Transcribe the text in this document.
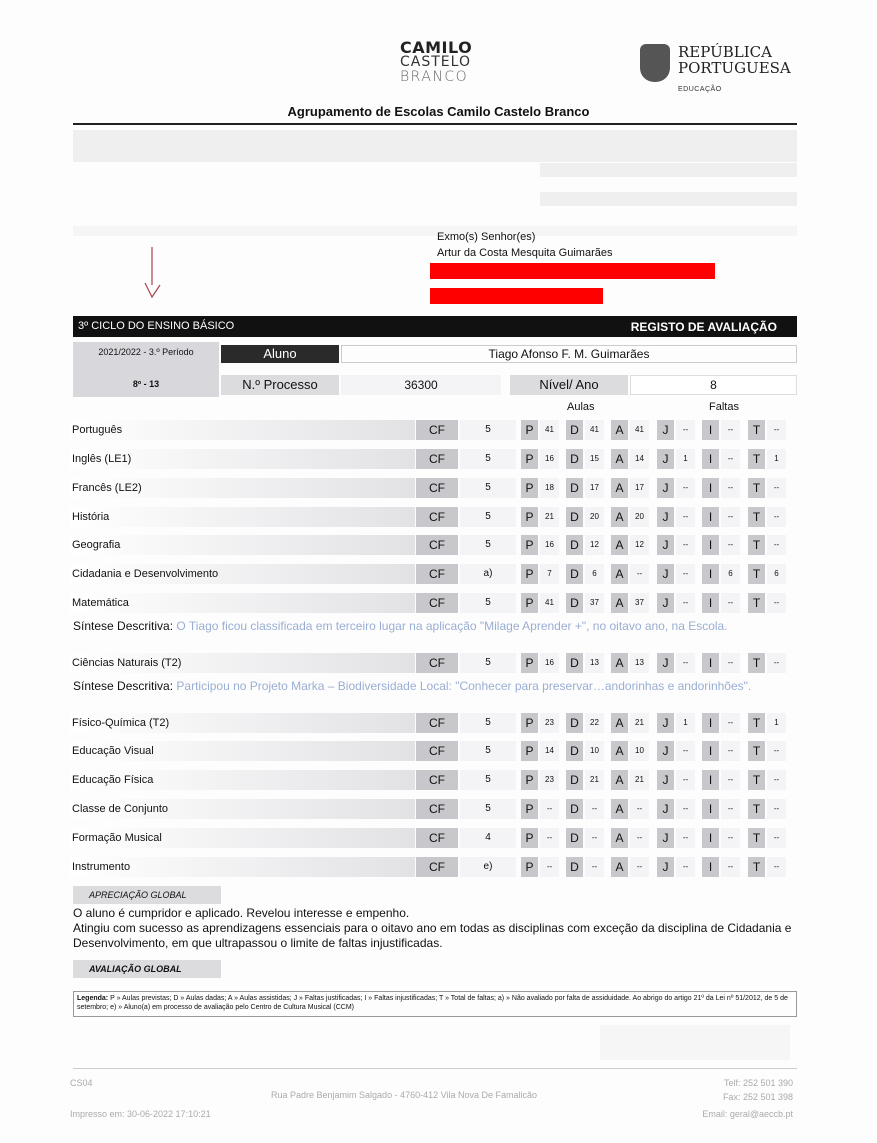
CAMILO
CASTELO
BRANCO
REPÚBLICA
PORTUGUESA
EDUCAÇÃO
Agrupamento de Escolas Camilo Castelo Branco
Exmo(s) Senhor(es)
Artur da Costa Mesquita Guimarães
3º CICLO DO ENSINO BÁSICO	REGISTO DE AVALIAÇÃO
2021/2022 - 3.º Período
8º - 13
Aluno	Tiago Afonso F. M. Guimarães
N.º Processo	36300	Nível/ Ano	8
Aulas	Faltas
Português	CF	5	P	41	D	41	A	41	J	--	I	--	T	--
Inglês (LE1)	CF	5	P	16	D	15	A	14	J	1	I	--	T	1
Francês (LE2)	CF	5	P	18	D	17	A	17	J	--	I	--	T	--
História	CF	5	P	21	D	20	A	20	J	--	I	--	T	--
Geografia	CF	5	P	16	D	12	A	12	J	--	I	--	T	--
Cidadania e Desenvolvimento	CF	a)	P	7	D	6	A	--	J	--	I	6	T	6
Matemática	CF	5	P	41	D	37	A	37	J	--	I	--	T	--
Ciências Naturais (T2)	CF	5	P	16	D	13	A	13	J	--	I	--	T	--
Físico-Química (T2)	CF	5	P	23	D	22	A	21	J	1	I	--	T	1
Educação Visual	CF	5	P	14	D	10	A	10	J	--	I	--	T	--
Educação Física	CF	5	P	23	D	21	A	21	J	--	I	--	T	--
Classe de Conjunto	CF	5	P	--	D	--	A	--	J	--	I	--	T	--
Formação Musical	CF	4	P	--	D	--	A	--	J	--	I	--	T	--
Instrumento	CF	e)	P	--	D	--	A	--	J	--	I	--	T	--
Síntese Descritiva: O Tiago ficou classificada em terceiro lugar na aplicação "Milage Aprender +", no oitavo ano, na Escola.
Síntese Descritiva: Participou no Projeto Marka – Biodiversidade Local: "Conhecer para preservar…andorinhas e andorinhões".
APRECIAÇÃO GLOBAL
O aluno é cumpridor e aplicado. Revelou interesse e empenho.
Atingiu com sucesso as aprendizagens essenciais para o oitavo ano em todas as disciplinas com exceção da disciplina de Cidadania e Desenvolvimento, em que ultrapassou o limite de faltas injustificadas.
AVALIAÇÃO GLOBAL
Legenda: P » Aulas previstas; D » Aulas dadas; A » Aulas assistidas; J » Faltas justificadas; I » Faltas injustificadas; T » Total de faltas; a) » Não avaliado por falta de assiduidade. Ao abrigo do artigo 21º da Lei nº 51/2012, de 5 de setembro; e) » Aluno(a) em processo de avaliação pelo Centro de Cultura Musical (CCM)
CS04
Impresso em: 30-06-2022 17:10:21
Rua Padre Benjamim Salgado - 4760-412 Vila Nova De Famalicão
Telf: 252 501 390
Fax: 252 501 398
Email: geral@aeccb.pt
